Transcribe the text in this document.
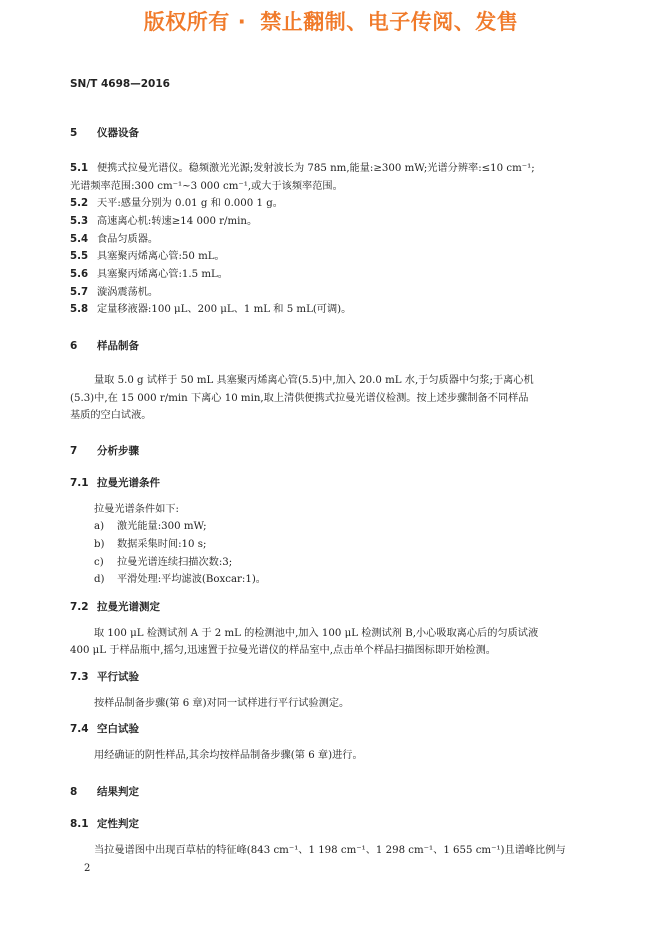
版权所有 · 禁止翻制、电子传阅、发售
SN/T 4698—2016
5 仪器设备
5.1 便携式拉曼光谱仪。稳频激光光源;发射波长为 785 nm,能量:≥300 mW;光谱分辨率:≤10 cm⁻¹;
光谱频率范围:300 cm⁻¹~3 000 cm⁻¹,或大于该频率范围。
5.2 天平:感量分别为 0.01 g 和 0.000 1 g。
5.3 高速离心机:转速≥14 000 r/min。
5.4 食品匀质器。
5.5 具塞聚丙烯离心管:50 mL。
5.6 具塞聚丙烯离心管:1.5 mL。
5.7 漩涡震荡机。
5.8 定量移液器:100 μL、200 μL、1 mL 和 5 mL(可调)。
6 样品制备
量取 5.0 g 试样于 50 mL 具塞聚丙烯离心管(5.5)中,加入 20.0 mL 水,于匀质器中匀浆;于离心机
(5.3)中,在 15 000 r/min 下离心 10 min,取上清供便携式拉曼光谱仪检测。按上述步骤制备不同样品
基质的空白试液。
7 分析步骤
7.1 拉曼光谱条件
拉曼光谱条件如下:
a) 激光能量:300 mW;
b) 数据采集时间:10 s;
c) 拉曼光谱连续扫描次数:3;
d) 平滑处理:平均滤波(Boxcar:1)。
7.2 拉曼光谱测定
取 100 μL 检测试剂 A 于 2 mL 的检测池中,加入 100 μL 检测试剂 B,小心吸取离心后的匀质试液
400 μL 于样品瓶中,摇匀,迅速置于拉曼光谱仪的样品室中,点击单个样品扫描图标即开始检测。
7.3 平行试验
按样品制备步骤(第 6 章)对同一试样进行平行试验测定。
7.4 空白试验
用经确证的阴性样品,其余均按样品制备步骤(第 6 章)进行。
8 结果判定
8.1 定性判定
当拉曼谱图中出现百草枯的特征峰(843 cm⁻¹、1 198 cm⁻¹、1 298 cm⁻¹、1 655 cm⁻¹)且谱峰比例与
2
